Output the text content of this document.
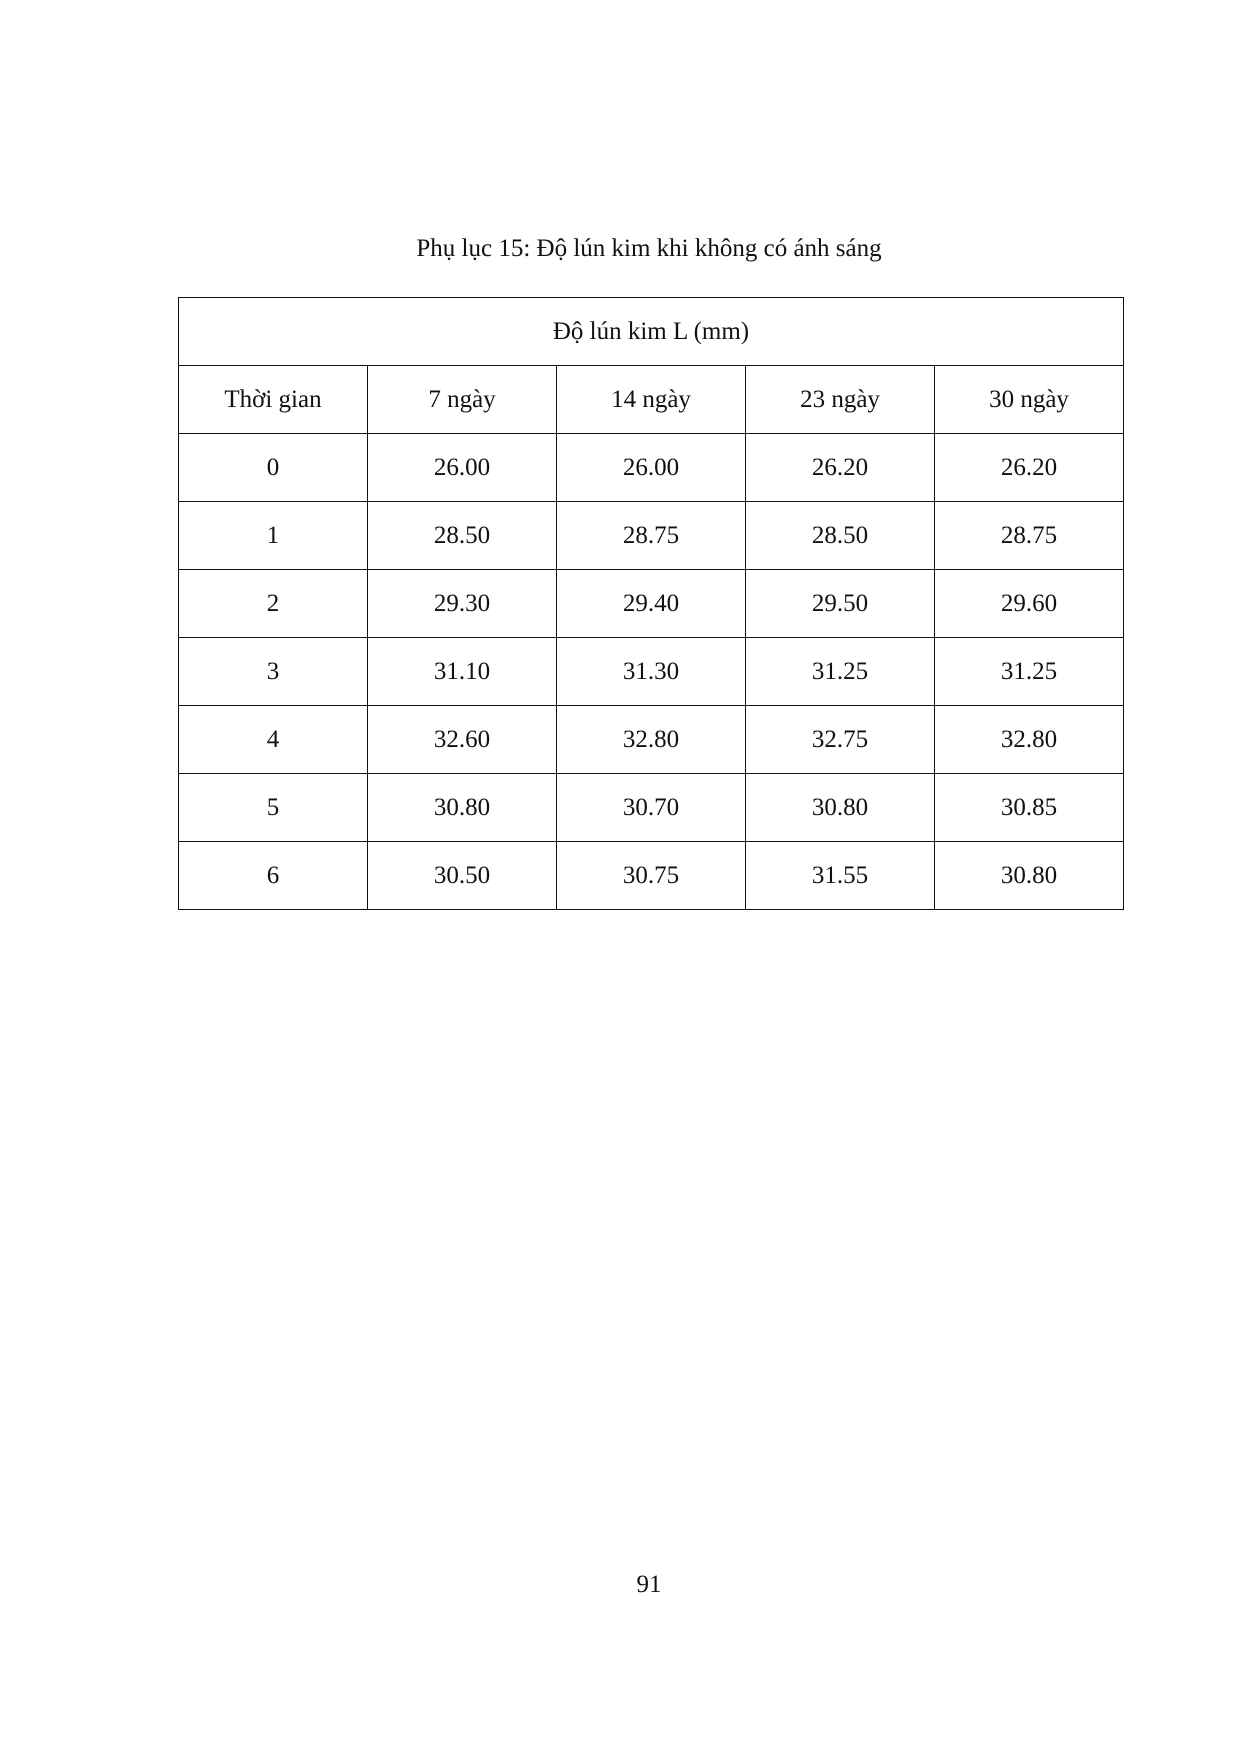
Phụ lục 15: Độ lún kim khi không có ánh sáng
Độ lún kim L (mm)				
Thời gian	7 ngày	14 ngày	23 ngày	30 ngày
0	26.00	26.00	26.20	26.20
1	28.50	28.75	28.50	28.75
2	29.30	29.40	29.50	29.60
3	31.10	31.30	31.25	31.25
4	32.60	32.80	32.75	32.80
5	30.80	30.70	30.80	30.85
6	30.50	30.75	31.55	30.80
91
